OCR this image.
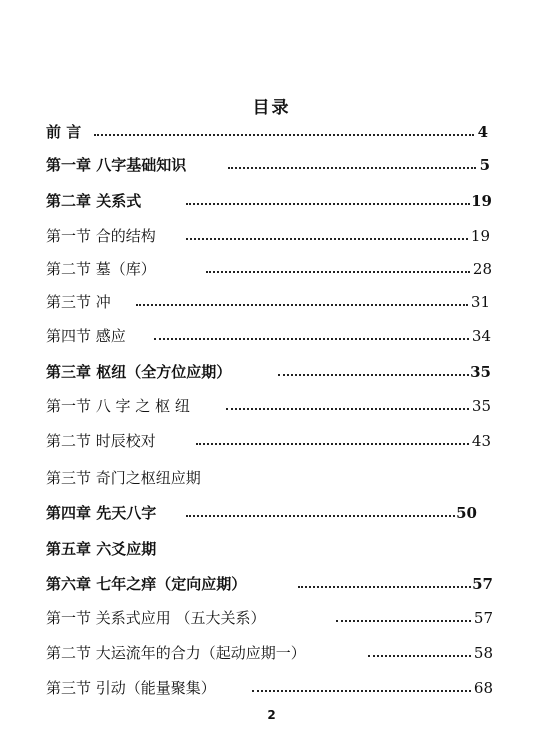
目录
前 言	4
第一章 八字基础知识	5
第二章 关系式	19
第一节 合的结构	19
第二节 墓（库）	28
第三节 冲	31
第四节 感应	34
第三章 枢纽（全方位应期）	35
第一节 八 字 之 枢 纽	35
第二节 时辰校对	43
第三节 奇门之枢纽应期
第四章 先天八字	50
第五章 六爻应期
第六章 七年之痒（定向应期）	57
第一节 关系式应用 （五大关系）	57
第二节 大运流年的合力（起动应期一）	58
第三节 引动（能量聚集）	68
2
